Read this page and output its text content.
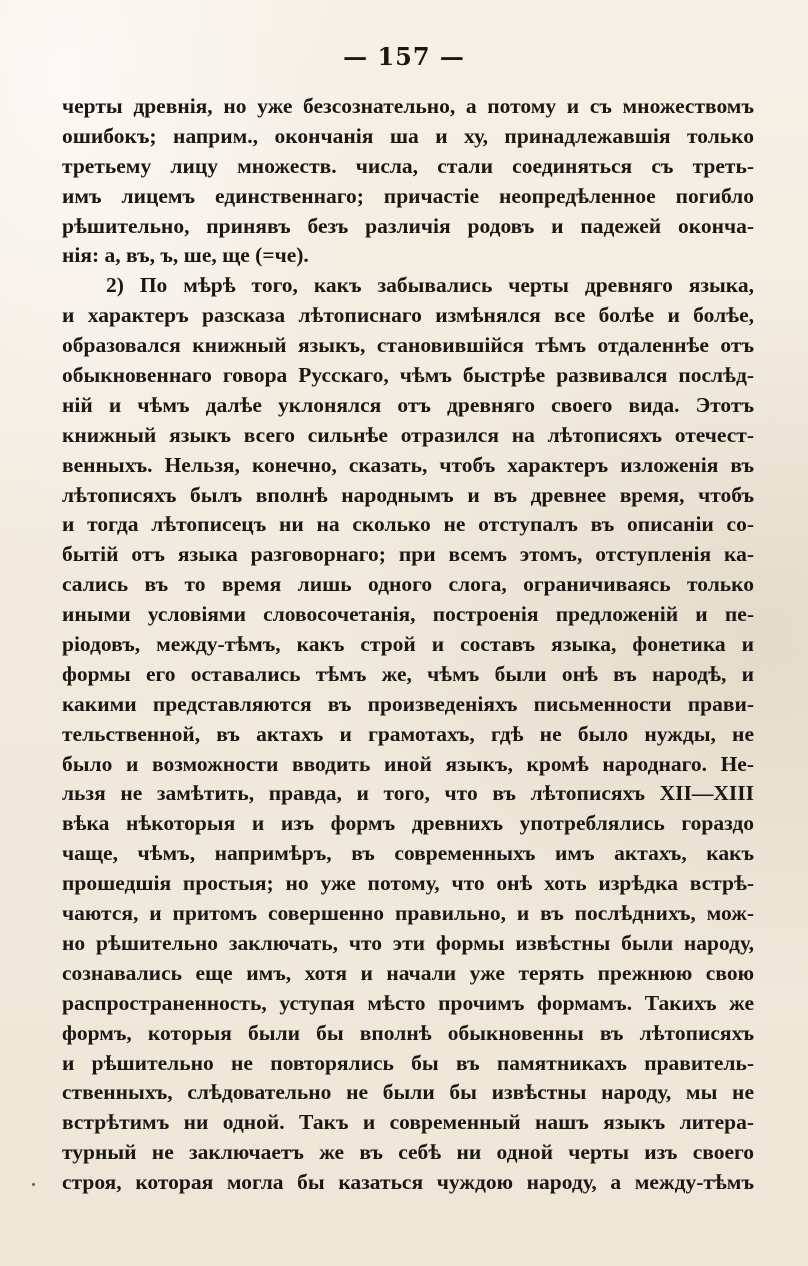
— 157 —
черты древнія, но уже безсознательно, а потому и съ множествомъ
ошибокъ; наприм., окончанія ша и ху, принадлежавшія только
третьему лицу множеств. числа, стали соединяться съ треть-
имъ лицемъ единственнаго; причастіе неопредѣленное погибло
рѣшительно, принявъ безъ различія родовъ и падежей оконча-
нія: а, въ, ъ, ше, ще (=че).
2) По мѣрѣ того, какъ забывались черты древняго языка,
и характеръ разсказа лѣтописнаго измѣнялся все болѣе и болѣе,
образовался книжный языкъ, становившійся тѣмъ отдаленнѣе отъ
обыкновеннаго говора Русскаго, чѣмъ быстрѣе развивался послѣд-
ній и чѣмъ далѣе уклонялся отъ древняго своего вида. Этотъ
книжный языкъ всего сильнѣе отразился на лѣтописяхъ отечест-
венныхъ. Нельзя, конечно, сказать, чтобъ характеръ изложенія въ
лѣтописяхъ былъ вполнѣ народнымъ и въ древнее время, чтобъ
и тогда лѣтописецъ ни на сколько не отступалъ въ описаніи со-
бытій отъ языка разговорнаго; при всемъ этомъ, отступленія ка-
сались въ то время лишь одного слога, ограничиваясь только
иными условіями словосочетанія, построенія предложеній и пе-
ріодовъ, между-тѣмъ, какъ строй и составъ языка, фонетика и
формы его оставались тѣмъ же, чѣмъ были онѣ въ народѣ, и
какими представляются въ произведеніяхъ письменности прави-
тельственной, въ актахъ и грамотахъ, гдѣ не было нужды, не
было и возможности вводить иной языкъ, кромѣ народнаго. Не-
льзя не замѣтить, правда, и того, что въ лѣтописяхъ XII—XIII
вѣка нѣкоторыя и изъ формъ древнихъ употреблялись гораздо
чаще, чѣмъ, напримѣръ, въ современныхъ имъ актахъ, какъ
прошедшія простыя; но уже потому, что онѣ хоть изрѣдка встрѣ-
чаются, и притомъ совершенно правильно, и въ послѣднихъ, мож-
но рѣшительно заключать, что эти формы извѣстны были народу,
сознавались еще имъ, хотя и начали уже терять прежнюю свою
распространенность, уступая мѣсто прочимъ формамъ. Такихъ же
формъ, которыя были бы вполнѣ обыкновенны въ лѣтописяхъ
и рѣшительно не повторялись бы въ памятникахъ правитель-
ственныхъ, слѣдовательно не были бы извѣстны народу, мы не
встрѣтимъ ни одной. Такъ и современный нашъ языкъ литера-
турный не заключаетъ же въ себѣ ни одной черты изъ своего
строя, которая могла бы казаться чуждою народу, а между-тѣмъ
